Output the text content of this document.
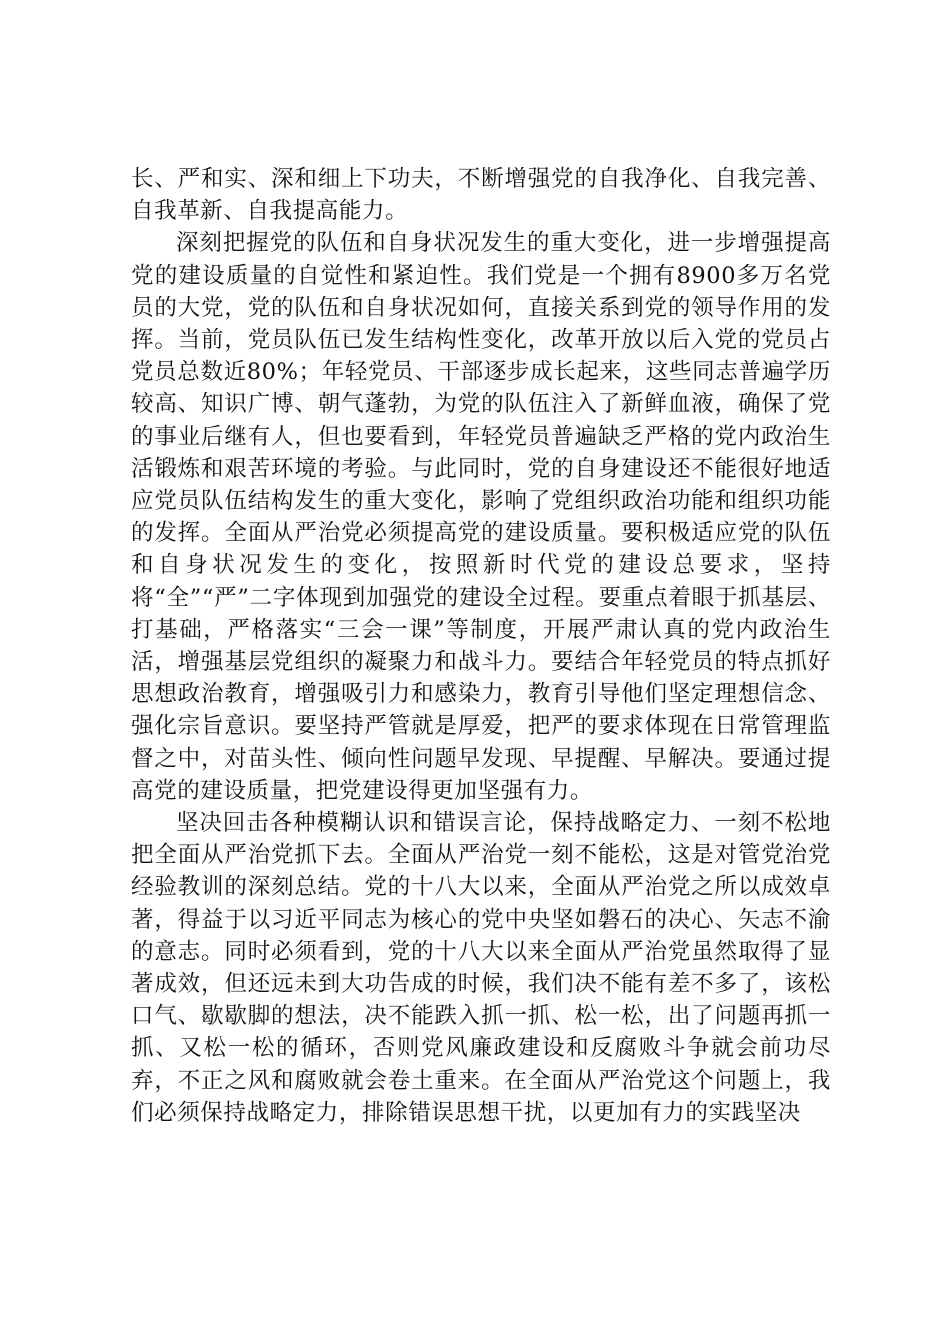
长、严和实、深和细上下功夫，不断增强党的自我净化、自我完善、自我革新、自我提高能力。

深刻把握党的队伍和自身状况发生的重大变化，进一步增强提高党的建设质量的自觉性和紧迫性。我们党是一个拥有8900多万名党员的大党，党的队伍和自身状况如何，直接关系到党的领导作用的发挥。当前，党员队伍已发生结构性变化，改革开放以后入党的党员占党员总数近80%；年轻党员、干部逐步成长起来，这些同志普遍学历较高、知识广博、朝气蓬勃，为党的队伍注入了新鲜血液，确保了党的事业后继有人，但也要看到，年轻党员普遍缺乏严格的党内政治生活锻炼和艰苦环境的考验。与此同时，党的自身建设还不能很好地适应党员队伍结构发生的重大变化，影响了党组织政治功能和组织功能的发挥。全面从严治党必须提高党的建设质量。要积极适应党的队伍和自身状况发生的变化，按照新时代党的建设总要求，坚持将“全”“严”二字体现到加强党的建设全过程。要重点着眼于抓基层、打基础，严格落实“三会一课”等制度，开展严肃认真的党内政治生活，增强基层党组织的凝聚力和战斗力。要结合年轻党员的特点抓好思想政治教育，增强吸引力和感染力，教育引导他们坚定理想信念、强化宗旨意识。要坚持严管就是厚爱，把严的要求体现在日常管理监督之中，对苗头性、倾向性问题早发现、早提醒、早解决。要通过提高党的建设质量，把党建设得更加坚强有力。

坚决回击各种模糊认识和错误言论，保持战略定力、一刻不松地把全面从严治党抓下去。全面从严治党一刻不能松，这是对管党治党经验教训的深刻总结。党的十八大以来，全面从严治党之所以成效卓著，得益于以习近平同志为核心的党中央坚如磐石的决心、矢志不渝的意志。同时必须看到，党的十八大以来全面从严治党虽然取得了显著成效，但还远未到大功告成的时候，我们决不能有差不多了，该松口气、歇歇脚的想法，决不能跌入抓一抓、松一松，出了问题再抓一抓、又松一松的循环，否则党风廉政建设和反腐败斗争就会前功尽弃，不正之风和腐败就会卷土重来。在全面从严治党这个问题上，我们必须保持战略定力，排除错误思想干扰，以更加有力的实践坚决
